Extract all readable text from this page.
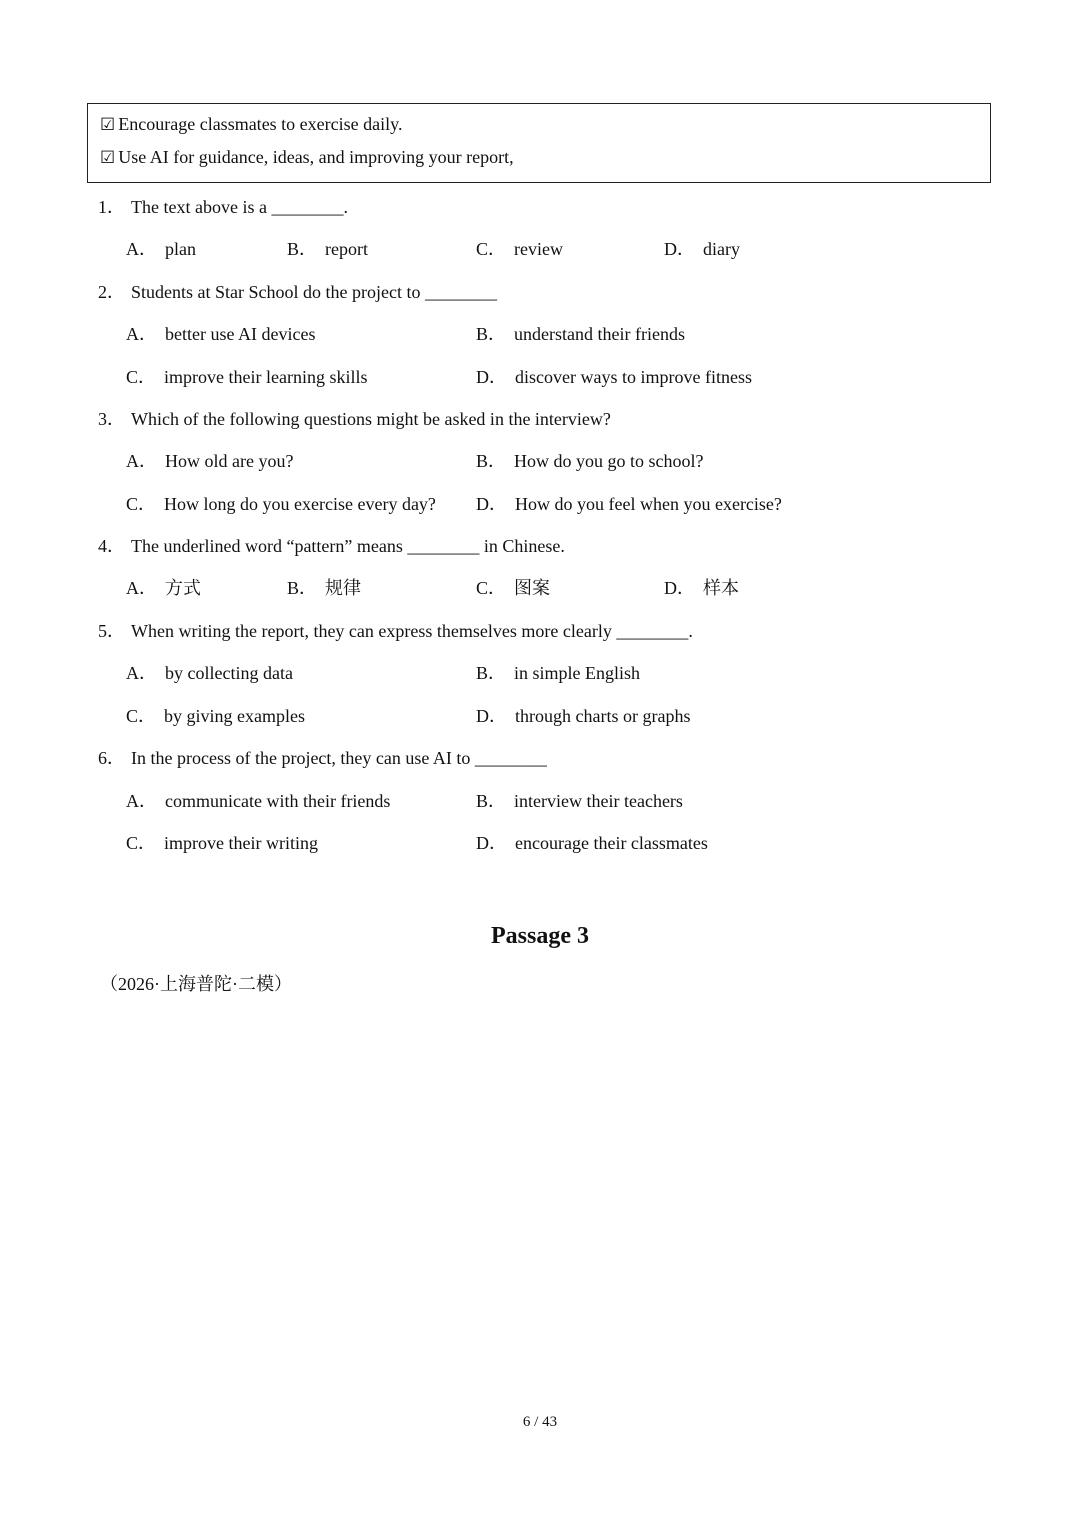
☑ Encourage classmates to exercise daily.
☑ Use AI for guidance, ideas, and improving your report,
1． The text above is a ________.
A． plan	B． report	C． review	D． diary
2． Students at Star School do the project to ________
A． better use AI devices	B． understand their friends
C． improve their learning skills	D． discover ways to improve fitness
3． Which of the following questions might be asked in the interview?
A． How old are you?	B． How do you go to school?
C． How long do you exercise every day? D． How do you feel when you exercise?
4． The underlined word “pattern” means ________ in Chinese.
A． 方式	B． 规律	C． 图案	D． 样本
5． When writing the report, they can express themselves more clearly ________.
A． by collecting data	B． in simple English
C． by giving examples	D． through charts or graphs
6． In the process of the project, they can use AI to ________
A． communicate with their friends	B． interview their teachers
C． improve their writing	D． encourage their classmates
Passage 3
（2026·上海普陀·二模）
6 / 43
